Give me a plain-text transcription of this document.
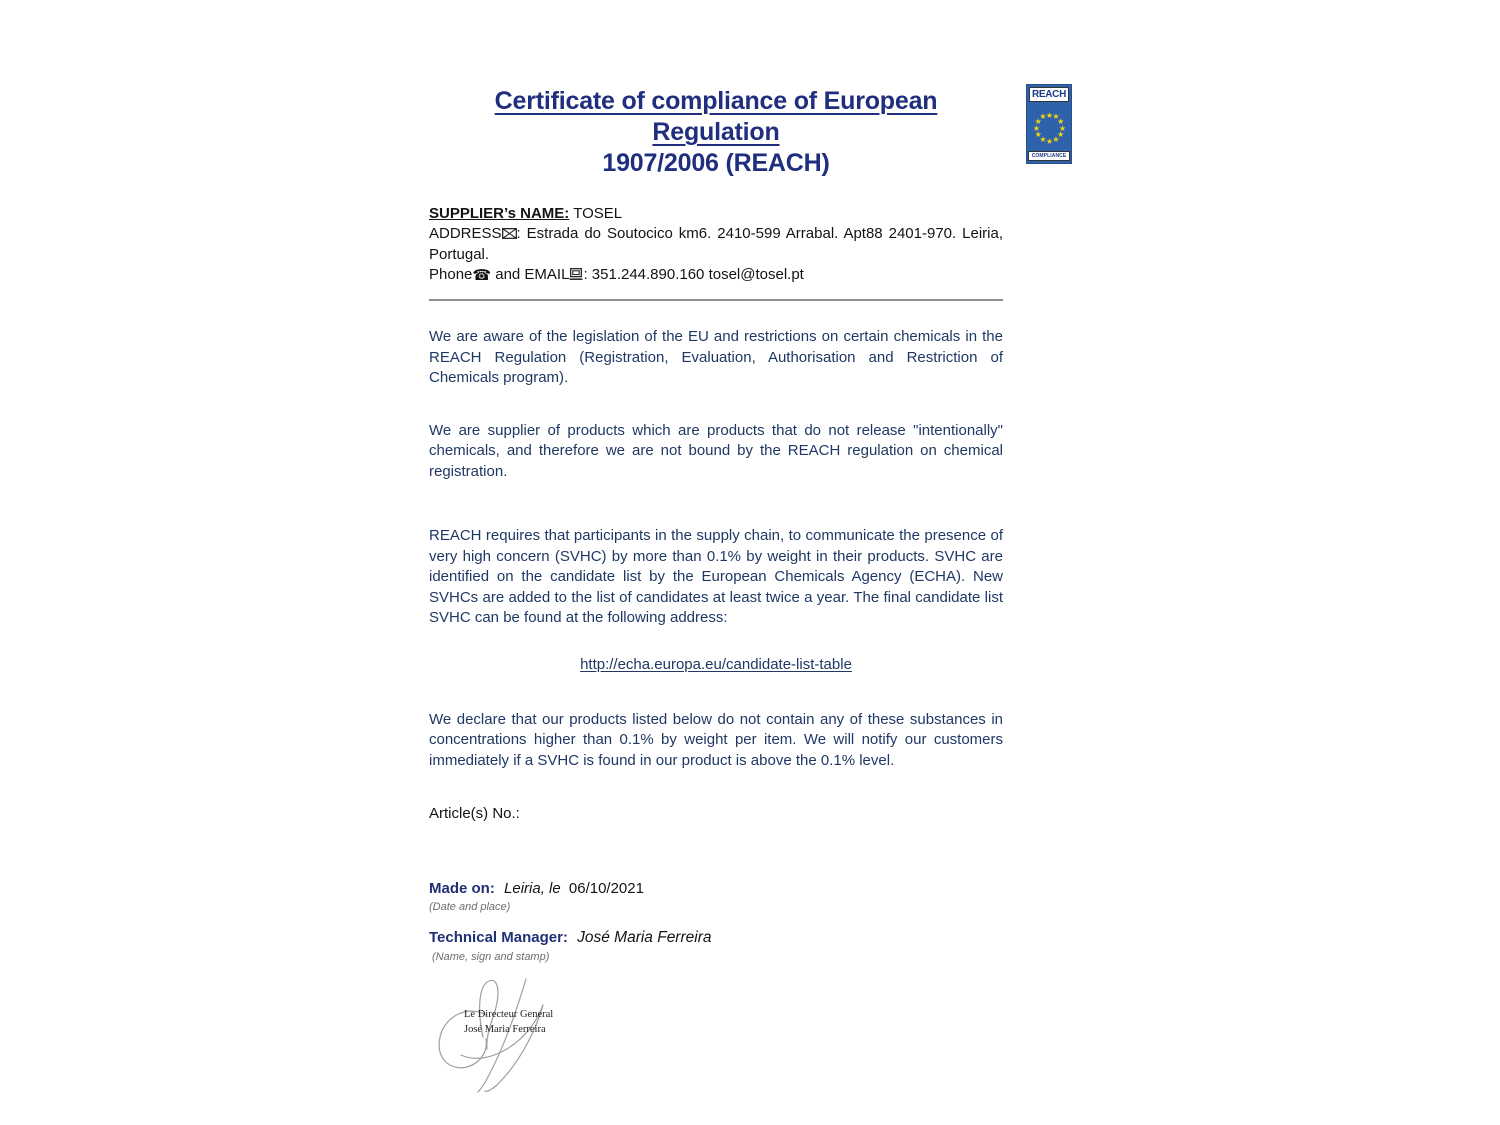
REACH
★ ★
★
★
★
★
★
★
★
★
★
★
COMPLIANCE
Certificate of compliance of European Regulation
1907/2006 (REACH)
SUPPLIER’s NAME: TOSEL
ADDRESS : Estrada do Soutocico km6. 2410-599 Arrabal. Apt88 2401-970. Leiria, Portugal.
Phone☎ and EMAIL : 351.244.890.160 tosel@tosel.pt

We are aware of the legislation of the EU and restrictions on certain chemicals in the REACH Regulation (Registration, Evaluation, Authorisation and Restriction of Chemicals program).

We are supplier of products which are products that do not release "intentionally" chemicals, and therefore we are not bound by the REACH regulation on chemical registration.

REACH requires that participants in the supply chain, to communicate the presence of very high concern (SVHC) by more than 0.1% by weight in their products. SVHC are identified on the candidate list by the European Chemicals Agency (ECHA). New SVHCs are added to the list of candidates at least twice a year. The final candidate list SVHC can be found at the following address:

http://echa.europa.eu/candidate-list-table

We declare that our products listed below do not contain any of these substances in concentrations higher than 0.1% by weight per item. We will notify our customers immediately if a SVHC is found in our product is above the 0.1% level.

Article(s) No.:
Made on: Leiria, le 06/10/2021
(Date and place)
Technical Manager: José Maria Ferreira
(Name, sign and stamp)
Le Directeur General
José Maria Ferreira
